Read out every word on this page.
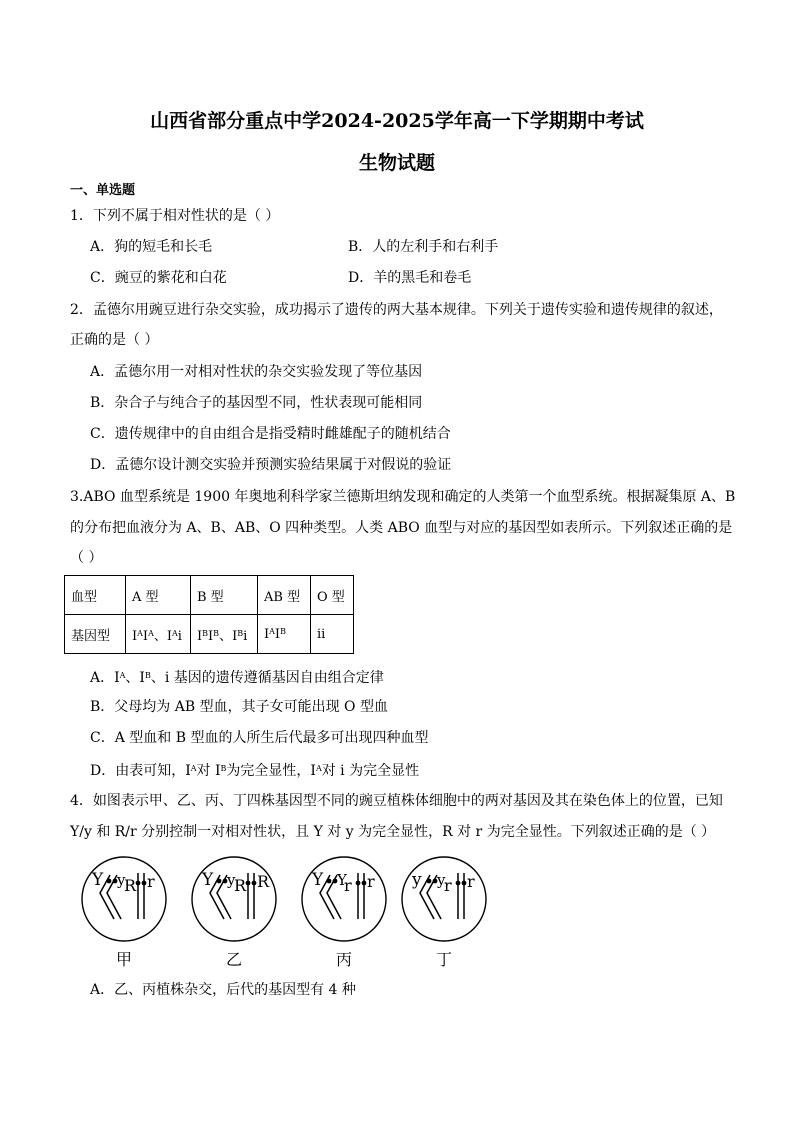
山西省部分重点中学2024-2025学年高一下学期期中考试
生物试题
一、单选题
1．下列不属于相对性状的是（ ）
A．狗的短毛和长毛	B．人的左利手和右利手
C．豌豆的紫花和白花	D．羊的黑毛和卷毛
2．孟德尔用豌豆进行杂交实验，成功揭示了遗传的两大基本规律。下列关于遗传实验和遗传规律的叙述，
正确的是（ ）
A．孟德尔用一对相对性状的杂交实验发现了等位基因
B．杂合子与纯合子的基因型不同，性状表现可能相同
C．遗传规律中的自由组合是指受精时雌雄配子的随机结合
D．孟德尔设计测交实验并预测实验结果属于对假说的验证
3.ABO 血型系统是 1900 年奥地利科学家兰德斯坦纳发现和确定的人类第一个血型系统。根据凝集原 A、B
的分布把血液分为 A、B、AB、O 四种类型。人类 ABO 血型与对应的基因型如表所示。下列叙述正确的是
（ ）
血型	A 型	B 型	AB 型	O 型
基因型	$I^AI^A$、$I^Ai$	$I^BI^B$、$I^Bi$	$I^AI^B$	ii
A．$I^A$、$I^B$、i 基因的遗传遵循基因自由组合定律
B．父母均为 AB 型血，其子女可能出现 O 型血
C．A 型血和 B 型血的人所生后代最多可出现四种血型
D．由表可知，$I^A$对 $I^B$为完全显性，$I^A$对 i 为完全显性
4．如图表示甲、乙、丙、丁四株基因型不同的豌豆植株体细胞中的两对基因及其在染色体上的位置，已知
Y/y 和 R/r 分别控制一对相对性状，且 Y 对 y 为完全显性，R 对 r 为完全显性。下列叙述正确的是（ ）
Y y
R r
甲
Y y
R R
乙
Y Y
r r
丙
y y
r r
丁
A．乙、丙植株杂交，后代的基因型有 4 种
